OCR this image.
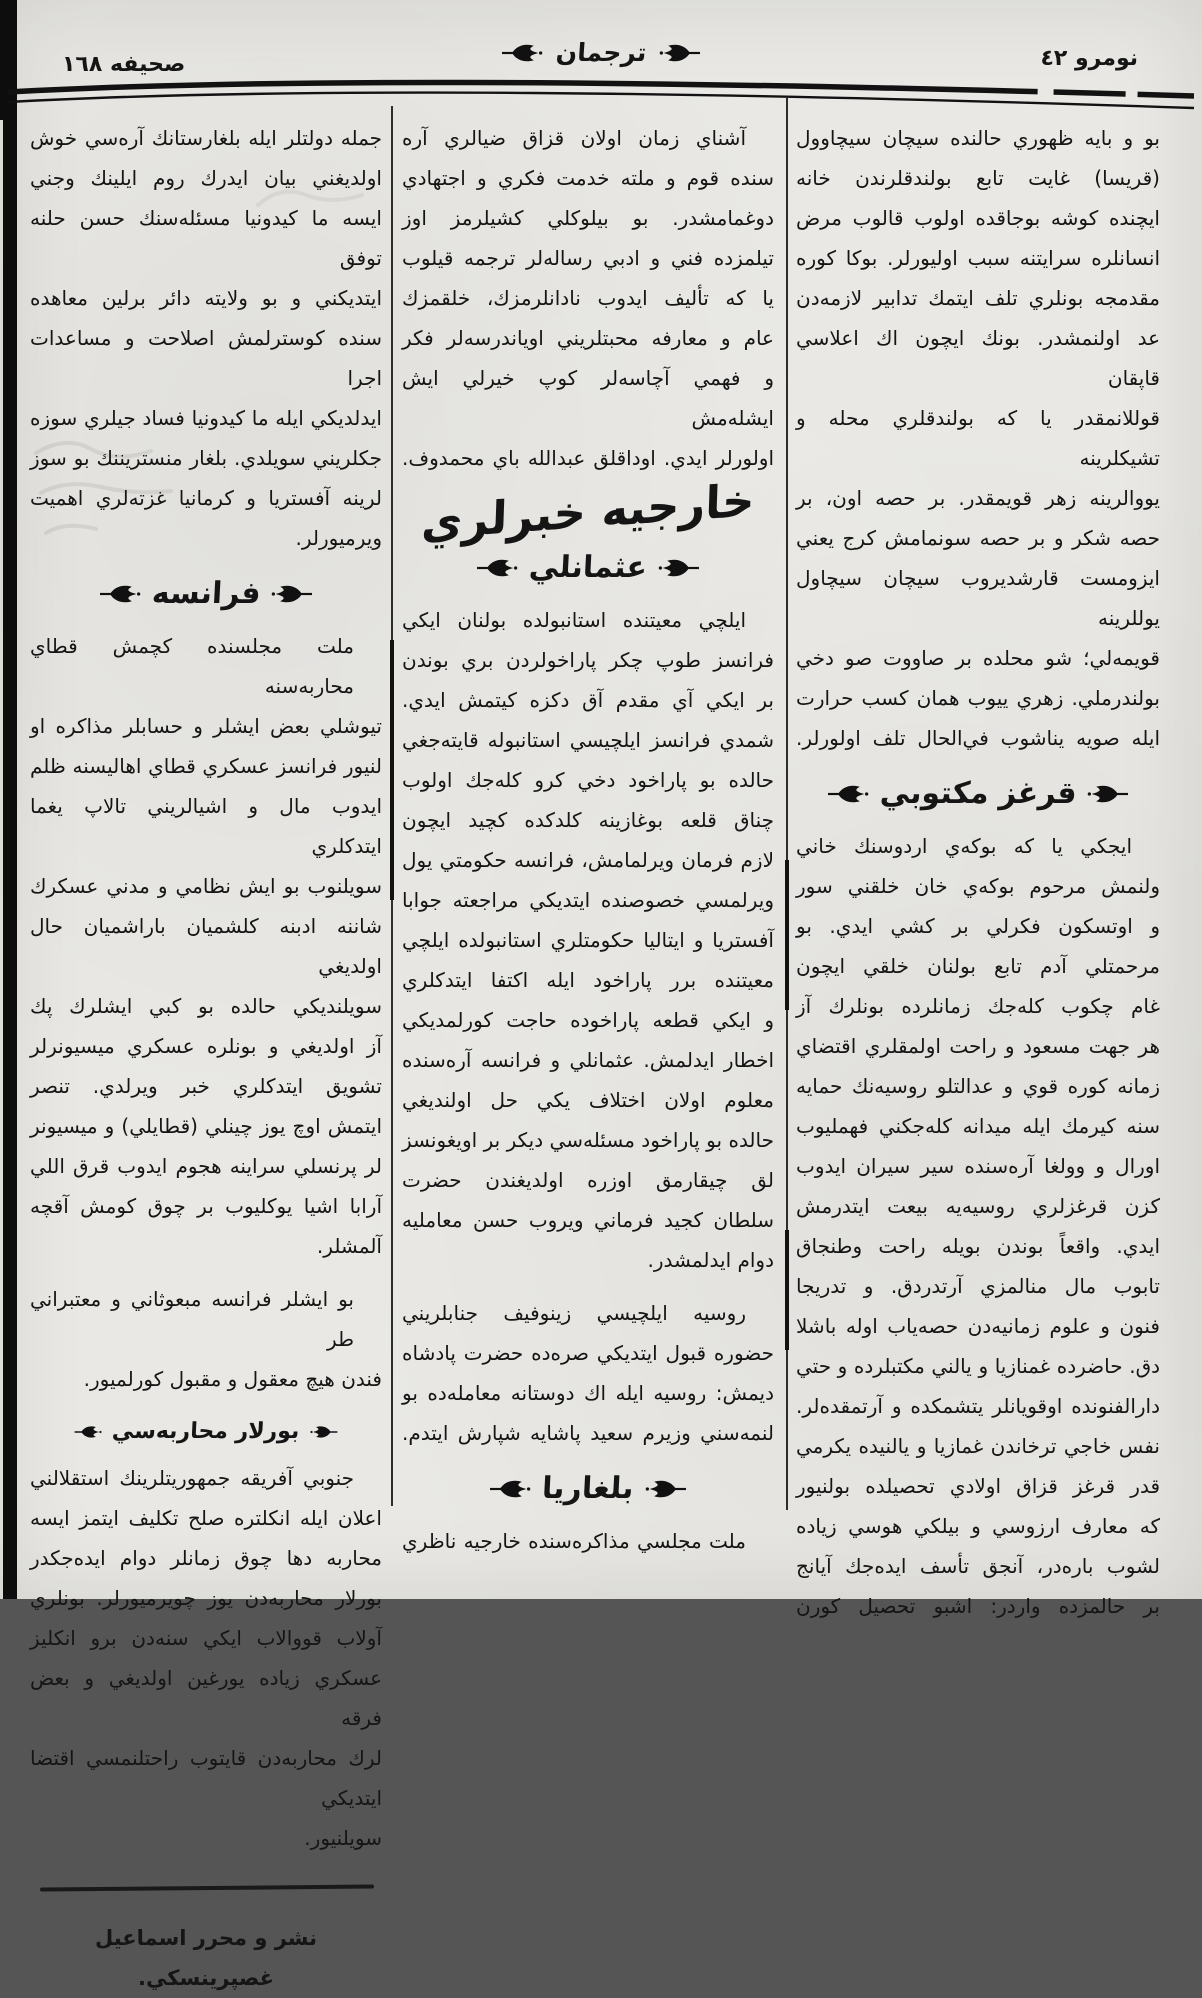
صحيفه ١٦٨	ترجمان	نومرو ٤٢
جمله دولتلر ايله بلغارستانك آره‌سي خوش
اولديغني بيان ايدرك روم ايلينك وجني
ايسه ما كيدونيا مسئله‌سنك حسن حلنه توفق
ايتديكني و بو ولايته دائر برلين معاهده
سنده كوسترلمش اصلاحت و مساعدات اجرا
ايدلديكي ايله ما كيدونيا فساد جيلري سوزه
جكلريني سويلدي. بلغار منستريننك بو سوز
لرينه آفستريا و كرمانيا غزته‌لري اهميت
ويرميورلر.
فرانسه
ملت مجلسنده كچمش قطاي محاربه‌سنه
تيوشلي بعض ايشلر و حسابلر مذاكره او
لنيور فرانسز عسكري قطاي اهاليسنه ظلم
ايدوب مال و اشيالريني تالاپ يغما ايتدكلري
سويلنوب بو ايش نظامي و مدني عسكرك
شاننه ادبنه كلشميان باراشميان حال اولديغي
سويلنديكي حالده بو كبي ايشلرك پك
آز اولديغي و بونلره عسكري ميسيونرلر
تشويق ايتدكلري خبر ويرلدي. تنصر
ايتمش اوچ يوز چينلي (قطايلي) و ميسيونر
لر پرنسلي سراينه هجوم ايدوب قرق اللي
آرابا اشيا يوكليوب بر چوق كومش آقچه
آلمشلر.
بو ايشلر فرانسه مبعوثاني و معتبراني طر
فندن هيچ معقول و مقبول كورلميور.
بورلار محاربه‌سي
جنوبي آفريقه جمهوريتلرينك استقلالني
اعلان ايله انكلتره صلح تكليف ايتمز ايسه
محاربه دها چوق زمانلر دوام ايده‌جكدر
بورلار محاربه‌دن يوز چويرميورلر. بونلري
آولاب قووالاب ايكي سنه‌دن برو انكليز
عسكري زياده يورغين اولديغي و بعض فرقه
لرك محاربه‌دن قايتوب راحتلنمسي اقتضا ايتديكي
سويلنيور.
نشر و محرر اسماعيل غصپرينسكي.
آشناي زمان اولان قزاق ضيالري آره
سنده قوم و ملته خدمت فكري و اجتهادي
دوغمامشدر. بو بيلوكلي كشيلرمز اوز
تيلمزده فني و ادبي رساله‌لر ترجمه قيلوب
يا كه تأليف ايدوب نادانلرمزك، خلقمزك
عام و معارفه محبتلريني اوياندرسه‌لر فكر
و فهمي آچاسه‌لر كوپ خيرلي ايش ايشله‌مش
اولورلر ايدي. اوداقلق عبدالله باي محمدوف.
خارجيه خبرلري
عثمانلي
ايلچي معيتنده استانبولده بولنان ايكي
فرانسز طوپ چكر پاراخولردن بري بوندن
بر ايكي آي مقدم آق دكزه كيتمش ايدي.
شمدي فرانسز ايلچيسي استانبوله قايته‌جغي
حالده بو پاراخود دخي كرو كله‌جك اولوب
چناق قلعه بوغازينه كلدكده كچيد ايچون
لازم فرمان ويرلمامش، فرانسه حكومتي يول
ويرلمسي خصوصنده ايتديكي مراجعته جوابا
آفستريا و ايتاليا حكومتلري استانبولده ايلچي
معيتنده برر پاراخود ايله اكتفا ايتدكلري
و ايكي قطعه پاراخوده حاجت كورلمديكي
اخطار ايدلمش. عثمانلي و فرانسه آره‌سنده
معلوم اولان اختلاف يكي حل اولنديغي
حالده بو پاراخود مسئله‌سي ديكر بر اويغونسز
لق چيقارمق اوزره اولديغندن حضرت
سلطان كجيد فرماني ويروب حسن معامليه
دوام ايدلمشدر.
روسيه ايلچيسي زينوفيف جنابلريني
حضوره قبول ايتديكي صره‌ده حضرت پادشاه
ديمش: روسيه ايله اك دوستانه معامله‌ده بو
لنمه‌سني وزيرم سعيد پاشايه شپارش ايتدم.
بلغاريا
ملت مجلسي مذاكره‌سنده خارجيه ناظري
بو و بايه ظهوري حالنده سيچان سيچاوول
(قريسا) غايت تابع بولندقلرندن خانه
ايچنده كوشه بوجاقده اولوب قالوب مرض
انسانلره سرايتنه سبب اوليورلر. بوكا كوره
مقدمجه بونلري تلف ايتمك تدابير لازمه‌دن
عد اولنمشدر. بونك ايچون اك اعلاسي قاپقان
قوللانمقدر يا كه بولندقلري محله و تشيكلرينه
يووالرينه زهر قويمقدر. بر حصه اون، بر
حصه شكر و بر حصه سونمامش كرج يعني
ايزومست قارشديروب سيچان سيچاول يوللرينه
قويمه‌لي؛ شو محلده بر صاووت صو دخي
بولندرملي. زهري ييوب همان كسب حرارت
ايله صويه يناشوب في‌الحال تلف اولورلر.
قرغز مكتوبي
ايجكي يا كه بوكه‌ي اردوسنك خاني
ولنمش مرحوم بوكه‌ي خان خلقني سور
و اوتسكون فكرلي بر كشي ايدي. بو
مرحمتلي آدم تابع بولنان خلقي ايچون
غام چكوب كله‌جك زمانلرده بونلرك آز
هر جهت مسعود و راحت اولمقلري اقتضاي
زمانه كوره قوي و عدالتلو روسيه‌نك حمايه
سنه كيرمك ايله ميدانه كله‌جكني فهمليوب
اورال و وولغا آره‌سنده سير سيران ايدوب
كزن قرغزلري روسيه‌يه بيعت ايتدرمش
ايدي. واقعاً بوندن بويله راحت وطنجاق
تابوب مال منالمزي آرتدردق. و تدريجا
فنون و علوم زمانيه‌دن حصه‌ياب اوله باشلا
دق. حاضرده غمنازيا و يالني مكتبلرده و حتي
دارالفنونده اوقويانلر يتشمكده و آرتمقده‌لر.
نفس خاجي ترخاندن غمازيا و يالنيده يكرمي
قدر قرغز قزاق اولادي تحصيلده بولنيور
كه معارف ارزوسي و بيلكي هوسي زياده
لشوب باره‌در، آنجق تأسف ايده‌جك آيانج
بر حالمزده واردر: اشبو تحصيل كورن
